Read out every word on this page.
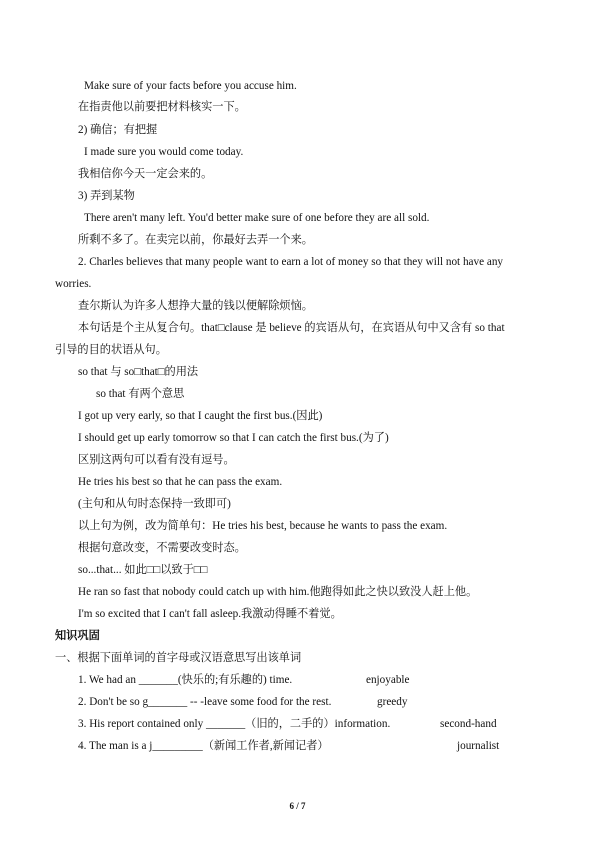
Make sure of your facts before you accuse him.
在指责他以前要把材料核实一下。
2) 确信；有把握
I made sure you would come today.
我相信你今天一定会来的。
3) 弄到某物
There aren't many left. You'd better make sure of one before they are all sold.
所剩不多了。在卖完以前，你最好去弄一个来。
2. Charles believes that many people want to earn a lot of money so that they will not have any
worries.
查尔斯认为许多人想挣大量的钱以便解除烦恼。
本句话是个主从复合句。that□clause 是 believe 的宾语从句，在宾语从句中又含有 so that
引导的目的状语从句。
so that 与 so□that□的用法
so that 有两个意思
I got up very early, so that I caught the first bus.(因此)
I should get up early tomorrow so that I can catch the first bus.(为了)
区别这两句可以看有没有逗号。
He tries his best so that he can pass the exam.
(主句和从句时态保持一致即可)
以上句为例，改为简单句：He tries his best, because he wants to pass the exam.
根据句意改变，不需要改变时态。
so...that... 如此□□以致于□□
He ran so fast that nobody could catch up with him.他跑得如此之快以致没人赶上他。
I'm so excited that I can't fall asleep.我激动得睡不着觉。
知识巩固
一、根据下面单词的首字母或汉语意思写出该单词
1. We had an _______(快乐的;有乐趣的) time.	enjoyable
2. Don't be so g_______ -- -leave some food for the rest.	greedy
3. His report contained only _______（旧的，二手的）information.	second-hand
4. The man is a j_________（新闻工作者,新闻记者）	journalist
6 / 7
